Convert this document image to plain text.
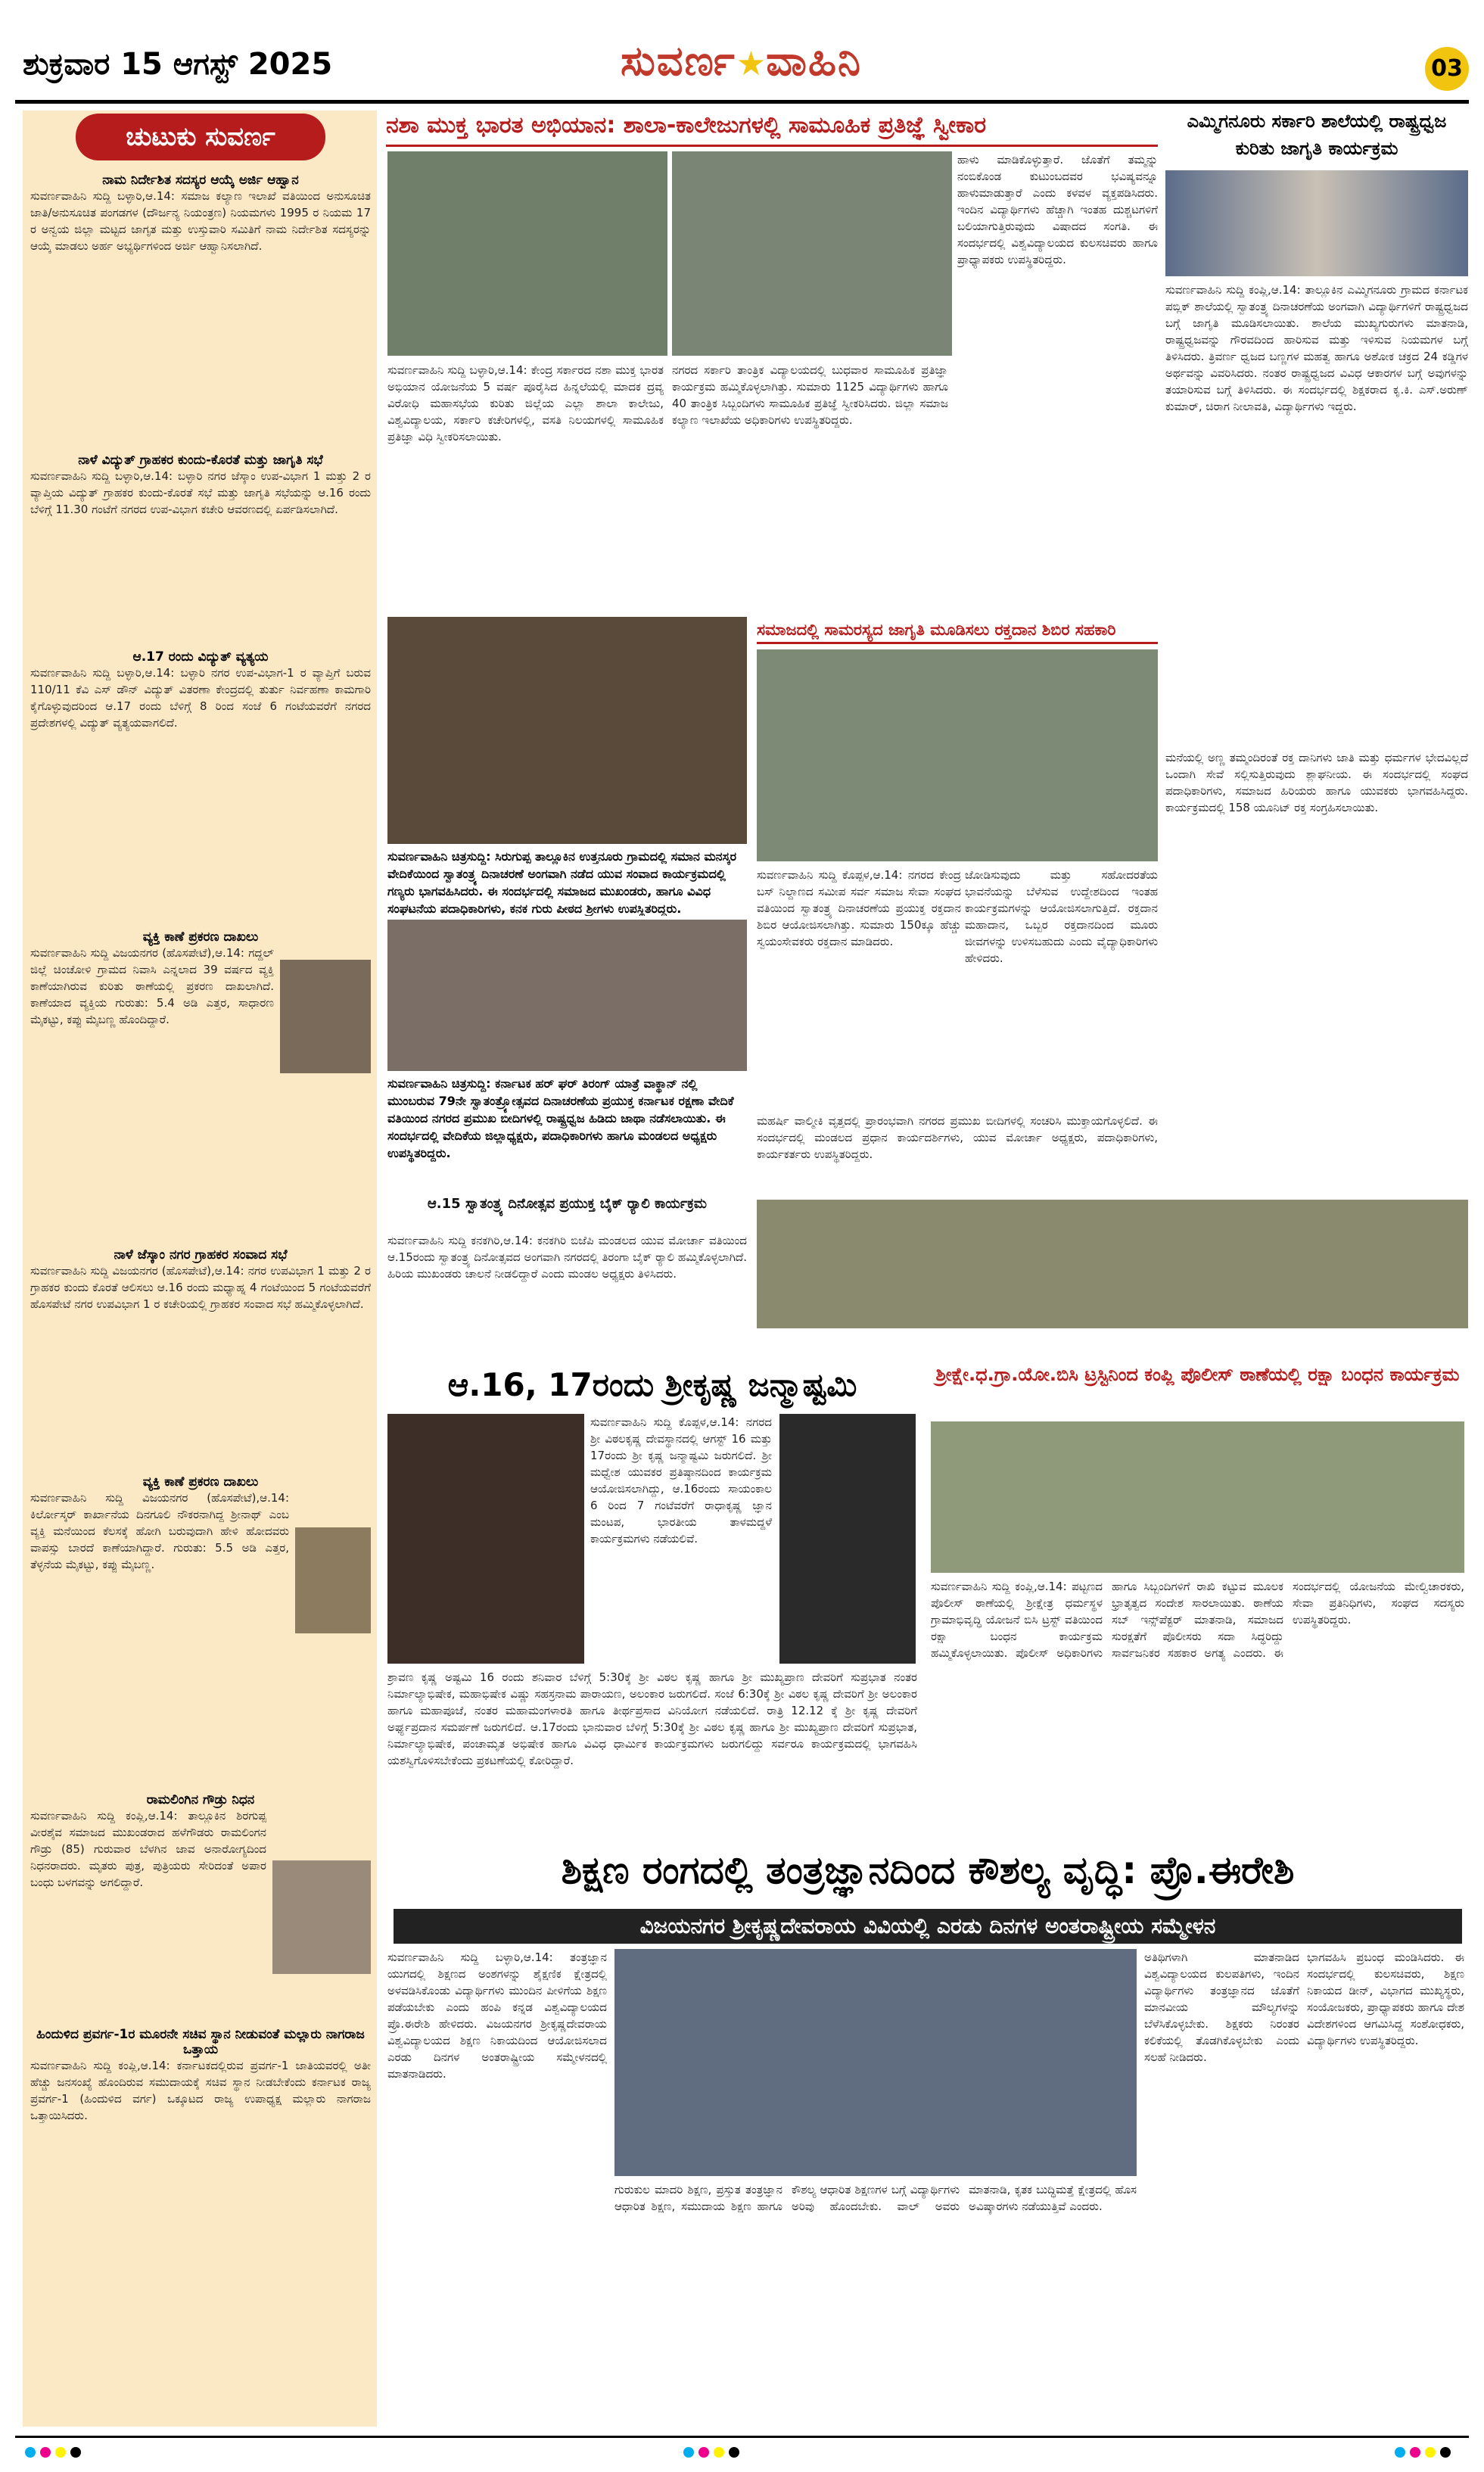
ಶುಕ್ರವಾರ 15 ಆಗಸ್ಟ್ 2025	ಸುವರ್ಣ★ವಾಹಿನಿ	03
ಚುಟುಕು ಸುವರ್ಣ
ನಾಮ ನಿರ್ದೇಶಿತ ಸದಸ್ಯರ ಆಯ್ಕೆ ಅರ್ಜಿ ಆಹ್ವಾನ
ಸುವರ್ಣವಾಹಿನಿ ಸುದ್ದಿ ಬಳ್ಳಾರಿ,ಆ.14: ಸಮಾಜ ಕಲ್ಯಾಣ ಇಲಾಖೆ ವತಿಯಿಂದ ಅನುಸೂಚಿತ ಜಾತಿ/ಅನುಸೂಚಿತ ಪಂಗಡಗಳ (ದೌರ್ಜನ್ಯ ನಿಯಂತ್ರಣ) ನಿಯಮಗಳು 1995 ರ ನಿಯಮ 17 ರ ಅನ್ವಯ ಜಿಲ್ಲಾ ಮಟ್ಟದ ಜಾಗೃತ ಮತ್ತು ಉಸ್ತುವಾರಿ ಸಮಿತಿಗೆ ನಾಮ ನಿರ್ದೇಶಿತ ಸದಸ್ಯರನ್ನು ಆಯ್ಕೆ ಮಾಡಲು ಅರ್ಹ ಅಭ್ಯರ್ಥಿಗಳಿಂದ ಅರ್ಜಿ ಆಹ್ವಾನಿಸಲಾಗಿದೆ.
ನಾಳೆ ವಿದ್ಯುತ್ ಗ್ರಾಹಕರ ಕುಂದು-ಕೊರತೆ ಮತ್ತು ಜಾಗೃತಿ ಸಭೆ
ಸುವರ್ಣವಾಹಿನಿ ಸುದ್ದಿ ಬಳ್ಳಾರಿ,ಆ.14: ಬಳ್ಳಾರಿ ನಗರ ಜೆಸ್ಕಾಂ ಉಪ-ವಿಭಾಗ 1 ಮತ್ತು 2 ರ ವ್ಯಾಪ್ತಿಯ ವಿದ್ಯುತ್ ಗ್ರಾಹಕರ ಕುಂದು-ಕೊರತೆ ಸಭೆ ಮತ್ತು ಜಾಗೃತಿ ಸಭೆಯನ್ನು ಆ.16 ರಂದು ಬೆಳಿಗ್ಗೆ 11.30 ಗಂಟೆಗೆ ನಗರದ ಉಪ-ವಿಭಾಗ ಕಚೇರಿ ಆವರಣದಲ್ಲಿ ಏರ್ಪಡಿಸಲಾಗಿದೆ.
ಆ.17 ರಂದು ವಿದ್ಯುತ್ ವ್ಯತ್ಯಯ
ಸುವರ್ಣವಾಹಿನಿ ಸುದ್ದಿ ಬಳ್ಳಾರಿ,ಆ.14: ಬಳ್ಳಾರಿ ನಗರ ಉಪ-ವಿಭಾಗ-1 ರ ವ್ಯಾಪ್ತಿಗೆ ಬರುವ 110/11 ಕೆವಿ ಎಸ್ ಡೌನ್ ವಿದ್ಯುತ್ ವಿತರಣಾ ಕೇಂದ್ರದಲ್ಲಿ ತುರ್ತು ನಿರ್ವಹಣಾ ಕಾಮಗಾರಿ ಕೈಗೊಳ್ಳುವುದರಿಂದ ಆ.17 ರಂದು ಬೆಳಿಗ್ಗೆ 8 ರಿಂದ ಸಂಜೆ 6 ಗಂಟೆಯವರೆಗೆ ನಗರದ ಪ್ರದೇಶಗಳಲ್ಲಿ ವಿದ್ಯುತ್ ವ್ಯತ್ಯಯವಾಗಲಿದೆ.
ವ್ಯಕ್ತಿ ಕಾಣೆ ಪ್ರಕರಣ ದಾಖಲು
ಸುವರ್ಣವಾಹಿನಿ ಸುದ್ದಿ ವಿಜಯನಗರ (ಹೊಸಪೇಟೆ),ಆ.14: ಗದ್ದಲ್ ಜಿಲ್ಲೆ ಚಿಂಚೋಳಿ ಗ್ರಾಮದ ನಿವಾಸಿ ಎನ್ನಲಾದ 39 ವರ್ಷದ ವ್ಯಕ್ತಿ ಕಾಣೆಯಾಗಿರುವ ಕುರಿತು ಠಾಣೆಯಲ್ಲಿ ಪ್ರಕರಣ ದಾಖಲಾಗಿದೆ. ಕಾಣೆಯಾದ ವ್ಯಕ್ತಿಯ ಗುರುತು: 5.4 ಅಡಿ ಎತ್ತರ, ಸಾಧಾರಣ ಮೈಕಟ್ಟು, ಕಪ್ಪು ಮೈಬಣ್ಣ ಹೊಂದಿದ್ದಾರೆ.
ನಾಳೆ ಜೆಸ್ಕಾಂ ನಗರ ಗ್ರಾಹಕರ ಸಂವಾದ ಸಭೆ
ಸುವರ್ಣವಾಹಿನಿ ಸುದ್ದಿ ವಿಜಯನಗರ (ಹೊಸಪೇಟೆ),ಆ.14: ನಗರ ಉಪವಿಭಾಗ 1 ಮತ್ತು 2 ರ ಗ್ರಾಹಕರ ಕುಂದು ಕೊರತೆ ಆಲಿಸಲು ಆ.16 ರಂದು ಮಧ್ಯಾಹ್ನ 4 ಗಂಟೆಯಿಂದ 5 ಗಂಟೆಯವರೆಗೆ ಹೊಸಪೇಟೆ ನಗರ ಉಪವಿಭಾಗ 1 ರ ಕಚೇರಿಯಲ್ಲಿ ಗ್ರಾಹಕರ ಸಂವಾದ ಸಭೆ ಹಮ್ಮಿಕೊಳ್ಳಲಾಗಿದೆ.
ವ್ಯಕ್ತಿ ಕಾಣೆ ಪ್ರಕರಣ ದಾಖಲು
ಸುವರ್ಣವಾಹಿನಿ ಸುದ್ದಿ ವಿಜಯನಗರ (ಹೊಸಪೇಟೆ),ಆ.14: ಕಿರ್ಲೋಸ್ಕರ್ ಕಾರ್ಖಾನೆಯ ದಿನಗೂಲಿ ನೌಕರನಾಗಿದ್ದ ಶ್ರೀನಾಥ್ ಎಂಬ ವ್ಯಕ್ತಿ ಮನೆಯಿಂದ ಕೆಲಸಕ್ಕೆ ಹೋಗಿ ಬರುವುದಾಗಿ ಹೇಳಿ ಹೋದವರು ವಾಪಸ್ಸು ಬಾರದೆ ಕಾಣೆಯಾಗಿದ್ದಾರೆ. ಗುರುತು: 5.5 ಅಡಿ ಎತ್ತರ, ತೆಳ್ಳನೆಯ ಮೈಕಟ್ಟು, ಕಪ್ಪು ಮೈಬಣ್ಣ.
ರಾಮಲಿಂಗಿನ ಗೌಡ್ರು ನಿಧನ
ಸುವರ್ಣವಾಹಿನಿ ಸುದ್ದಿ ಕಂಪ್ಲಿ,ಆ.14: ತಾಲ್ಲೂಕಿನ ಶಿರಗುಪ್ಪ ವೀರಶೈವ ಸಮಾಜದ ಮುಖಂಡರಾದ ಹಳೆಗೌಡರು ರಾಮಲಿಂಗನ ಗೌಡ್ರು (85) ಗುರುವಾರ ಬೆಳಗಿನ ಜಾವ ಅನಾರೋಗ್ಯದಿಂದ ನಿಧನರಾದರು. ಮೃತರು ಪುತ್ರ, ಪುತ್ರಿಯರು ಸೇರಿದಂತೆ ಅಪಾರ ಬಂಧು ಬಳಗವನ್ನು ಅಗಲಿದ್ದಾರೆ.
ಹಿಂದುಳಿದ ಪ್ರವರ್ಗ-1ರ ಮೂರನೇ ಸಚಿವ ಸ್ಥಾನ ನೀಡುವಂತೆ ಮಲ್ಲಾರು ನಾಗರಾಜ ಒತ್ತಾಯ
ಸುವರ್ಣವಾಹಿನಿ ಸುದ್ದಿ ಕಂಪ್ಲಿ,ಆ.14: ಕರ್ನಾಟಕದಲ್ಲಿರುವ ಪ್ರವರ್ಗ-1 ಜಾತಿಯವರಲ್ಲಿ ಅತೀ ಹೆಚ್ಚು ಜನಸಂಖ್ಯೆ ಹೊಂದಿರುವ ಸಮುದಾಯಕ್ಕೆ ಸಚಿವ ಸ್ಥಾನ ನೀಡಬೇಕೆಂದು ಕರ್ನಾಟಕ ರಾಜ್ಯ ಪ್ರವರ್ಗ-1 (ಹಿಂದುಳಿದ ವರ್ಗ) ಒಕ್ಕೂಟದ ರಾಜ್ಯ ಉಪಾಧ್ಯಕ್ಷ ಮಲ್ಲಾರು ನಾಗರಾಜ ಒತ್ತಾಯಿಸಿದರು.
ನಶಾ ಮುಕ್ತ ಭಾರತ ಅಭಿಯಾನ: ಶಾಲಾ-ಕಾಲೇಜುಗಳಲ್ಲಿ ಸಾಮೂಹಿಕ ಪ್ರತಿಜ್ಞೆ ಸ್ವೀಕಾರ
ಹಾಳು ಮಾಡಿಕೊಳ್ಳುತ್ತಾರೆ. ಜೊತೆಗೆ ತಮ್ಮನ್ನು ನಂಬಿಕೊಂಡ ಕುಟುಂಬದವರ ಭವಿಷ್ಯವನ್ನೂ ಹಾಳುಮಾಡುತ್ತಾರೆ ಎಂದು ಕಳವಳ ವ್ಯಕ್ತಪಡಿಸಿದರು. ಇಂದಿನ ವಿದ್ಯಾರ್ಥಿಗಳು ಹೆಚ್ಚಾಗಿ ಇಂತಹ ದುಶ್ಚಟಗಳಿಗೆ ಬಲಿಯಾಗುತ್ತಿರುವುದು ವಿಷಾದದ ಸಂಗತಿ. ಈ ಸಂದರ್ಭದಲ್ಲಿ ವಿಶ್ವವಿದ್ಯಾಲಯದ ಕುಲಸಚಿವರು ಹಾಗೂ ಪ್ರಾಧ್ಯಾಪಕರು ಉಪಸ್ಥಿತರಿದ್ದರು.
ಸುವರ್ಣವಾಹಿನಿ ಸುದ್ದಿ ಬಳ್ಳಾರಿ,ಆ.14: ಕೇಂದ್ರ ಸರ್ಕಾರದ ನಶಾ ಮುಕ್ತ ಭಾರತ ಅಭಿಯಾನ ಯೋಜನೆಯ 5 ವರ್ಷ ಪೂರೈಸಿದ ಹಿನ್ನಲೆಯಲ್ಲಿ ಮಾದಕ ದ್ರವ್ಯ ವಿರೋಧಿ ಮಹಾಸಭೆಯ ಕುರಿತು ಜಿಲ್ಲೆಯ ಎಲ್ಲಾ ಶಾಲಾ ಕಾಲೇಜು, ವಿಶ್ವವಿದ್ಯಾಲಯ, ಸರ್ಕಾರಿ ಕಚೇರಿಗಳಲ್ಲಿ, ವಸತಿ ನಿಲಯಗಳಲ್ಲಿ ಸಾಮೂಹಿಕ ಪ್ರತಿಜ್ಞಾ ವಿಧಿ ಸ್ವೀಕರಿಸಲಾಯಿತು.
ನಗರದ ಸರ್ಕಾರಿ ತಾಂತ್ರಿಕ ವಿದ್ಯಾಲಯದಲ್ಲಿ ಬುಧವಾರ ಸಾಮೂಹಿಕ ಪ್ರತಿಜ್ಞಾ ಕಾರ್ಯಕ್ರಮ ಹಮ್ಮಿಕೊಳ್ಳಲಾಗಿತ್ತು. ಸುಮಾರು 1125 ವಿದ್ಯಾರ್ಥಿಗಳು ಹಾಗೂ 40 ತಾಂತ್ರಿಕ ಸಿಬ್ಬಂದಿಗಳು ಸಾಮೂಹಿಕ ಪ್ರತಿಜ್ಞೆ ಸ್ವೀಕರಿಸಿದರು. ಜಿಲ್ಲಾ ಸಮಾಜ ಕಲ್ಯಾಣ ಇಲಾಖೆಯ ಅಧಿಕಾರಿಗಳು ಉಪಸ್ಥಿತರಿದ್ದರು.
ಎಮ್ಮಿಗನೂರು ಸರ್ಕಾರಿ ಶಾಲೆಯಲ್ಲಿ ರಾಷ್ಟ್ರಧ್ವಜ ಕುರಿತು ಜಾಗೃತಿ ಕಾರ್ಯಕ್ರಮ
ಸುವರ್ಣವಾಹಿನಿ ಸುದ್ದಿ ಕಂಪ್ಲಿ,ಆ.14: ತಾಲ್ಲೂಕಿನ ಎಮ್ಮಿಗನೂರು ಗ್ರಾಮದ ಕರ್ನಾಟಕ ಪಬ್ಲಿಕ್ ಶಾಲೆಯಲ್ಲಿ ಸ್ವಾತಂತ್ರ್ಯ ದಿನಾಚರಣೆಯ ಅಂಗವಾಗಿ ವಿದ್ಯಾರ್ಥಿಗಳಿಗೆ ರಾಷ್ಟ್ರಧ್ವಜದ ಬಗ್ಗೆ ಜಾಗೃತಿ ಮೂಡಿಸಲಾಯಿತು. ಶಾಲೆಯ ಮುಖ್ಯಗುರುಗಳು ಮಾತನಾಡಿ, ರಾಷ್ಟ್ರಧ್ವಜವನ್ನು ಗೌರವದಿಂದ ಹಾರಿಸುವ ಮತ್ತು ಇಳಿಸುವ ನಿಯಮಗಳ ಬಗ್ಗೆ ತಿಳಿಸಿದರು. ತ್ರಿವರ್ಣ ಧ್ವಜದ ಬಣ್ಣಗಳ ಮಹತ್ವ ಹಾಗೂ ಅಶೋಕ ಚಕ್ರದ 24 ಕಡ್ಡಿಗಳ ಅರ್ಥವನ್ನು ವಿವರಿಸಿದರು. ನಂತರ ರಾಷ್ಟ್ರಧ್ವಜದ ವಿವಿಧ ಆಕಾರಗಳ ಬಗ್ಗೆ ಅವುಗಳನ್ನು ತಯಾರಿಸುವ ಬಗ್ಗೆ ತಿಳಿಸಿದರು. ಈ ಸಂದರ್ಭದಲ್ಲಿ ಶಿಕ್ಷಕರಾದ ಕೃ.ಕಿ. ಎಸ್.ಅರುಣ್ ಕುಮಾರ್, ಚಿರಾಗ ನೀಲಾವತಿ, ವಿದ್ಯಾರ್ಥಿಗಳು ಇದ್ದರು.
ಸುವರ್ಣವಾಹಿನಿ ಚಿತ್ರಸುದ್ದಿ: ಸಿರುಗುಪ್ಪ ತಾಲ್ಲೂಕಿನ ಉತ್ತನೂರು ಗ್ರಾಮದಲ್ಲಿ ಸಮಾನ ಮನಸ್ಕರ ವೇದಿಕೆಯಿಂದ ಸ್ವಾತಂತ್ರ್ಯ ದಿನಾಚರಣೆ ಅಂಗವಾಗಿ ನಡೆದ ಯುವ ಸಂವಾದ ಕಾರ್ಯಕ್ರಮದಲ್ಲಿ ಗಣ್ಯರು ಭಾಗವಹಿಸಿದರು. ಈ ಸಂದರ್ಭದಲ್ಲಿ ಸಮಾಜದ ಮುಖಂಡರು, ಹಾಗೂ ವಿವಿಧ ಸಂಘಟನೆಯ ಪದಾಧಿಕಾರಿಗಳು, ಕನಕ ಗುರು ಪೀಠದ ಶ್ರೀಗಳು ಉಪಸ್ಥಿತರಿದ್ದರು.
ಸಮಾಜದಲ್ಲಿ ಸಾಮರಸ್ಯದ ಜಾಗೃತಿ ಮೂಡಿಸಲು ರಕ್ತದಾನ ಶಿಬಿರ ಸಹಕಾರಿ
ಸುವರ್ಣವಾಹಿನಿ ಸುದ್ದಿ ಕೊಪ್ಪಳ,ಆ.14: ನಗರದ ಕೇಂದ್ರ ಬಸ್ ನಿಲ್ದಾಣದ ಸಮೀಪ ಸರ್ವ ಸಮಾಜ ಸೇವಾ ಸಂಘದ ವತಿಯಿಂದ ಸ್ವಾತಂತ್ರ್ಯ ದಿನಾಚರಣೆಯ ಪ್ರಯುಕ್ತ ರಕ್ತದಾನ ಶಿಬಿರ ಆಯೋಜಿಸಲಾಗಿತ್ತು. ಸುಮಾರು 150ಕ್ಕೂ ಹೆಚ್ಚು ಸ್ವಯಂಸೇವಕರು ರಕ್ತದಾನ ಮಾಡಿದರು.
ಜೋಡಿಸುವುದು ಮತ್ತು ಸಹೋದರತೆಯ ಭಾವನೆಯನ್ನು ಬೆಳೆಸುವ ಉದ್ದೇಶದಿಂದ ಇಂತಹ ಕಾರ್ಯಕ್ರಮಗಳನ್ನು ಆಯೋಜಿಸಲಾಗುತ್ತಿದೆ. ರಕ್ತದಾನ ಮಹಾದಾನ, ಒಬ್ಬರ ರಕ್ತದಾನದಿಂದ ಮೂರು ಜೀವಗಳನ್ನು ಉಳಿಸಬಹುದು ಎಂದು ವೈದ್ಯಾಧಿಕಾರಿಗಳು ಹೇಳಿದರು.
ಮನೆಯಲ್ಲಿ ಅಣ್ಣ ತಮ್ಮಂದಿರಂತೆ ರಕ್ತ ದಾನಿಗಳು ಜಾತಿ ಮತ್ತು ಧರ್ಮಗಳ ಭೇದವಿಲ್ಲದೆ ಒಂದಾಗಿ ಸೇವೆ ಸಲ್ಲಿಸುತ್ತಿರುವುದು ಶ್ಲಾಘನೀಯ. ಈ ಸಂದರ್ಭದಲ್ಲಿ ಸಂಘದ ಪದಾಧಿಕಾರಿಗಳು, ಸಮಾಜದ ಹಿರಿಯರು ಹಾಗೂ ಯುವಕರು ಭಾಗವಹಿಸಿದ್ದರು. ಕಾರ್ಯಕ್ರಮದಲ್ಲಿ 158 ಯೂನಿಟ್ ರಕ್ತ ಸಂಗ್ರಹಿಸಲಾಯಿತು.
ಸುವರ್ಣವಾಹಿನಿ ಚಿತ್ರಸುದ್ದಿ: ಕರ್ನಾಟಕ ಹರ್ ಘರ್ ತಿರಂಗ್ ಯಾತ್ರೆ ವಾಕ್ಥಾನ್ ನಲ್ಲಿ ಮುಂಬರುವ 79ನೇ ಸ್ವಾತಂತ್ರ್ಯೋತ್ಸವದ ದಿನಾಚರಣೆಯ ಪ್ರಯುಕ್ತ ಕರ್ನಾಟಕ ರಕ್ಷಣಾ ವೇದಿಕೆ ವತಿಯಿಂದ ನಗರದ ಪ್ರಮುಖ ಬೀದಿಗಳಲ್ಲಿ ರಾಷ್ಟ್ರಧ್ವಜ ಹಿಡಿದು ಜಾಥಾ ನಡೆಸಲಾಯಿತು. ಈ ಸಂದರ್ಭದಲ್ಲಿ ವೇದಿಕೆಯ ಜಿಲ್ಲಾಧ್ಯಕ್ಷರು, ಪದಾಧಿಕಾರಿಗಳು ಹಾಗೂ ಮಂಡಲದ ಅಧ್ಯಕ್ಷರು ಉಪಸ್ಥಿತರಿದ್ದರು.
ಆ.15 ಸ್ವಾತಂತ್ರ್ಯ ದಿನೋತ್ಸವ ಪ್ರಯುಕ್ತ ಬೈಕ್ ರ‍್ಯಾಲಿ ಕಾರ್ಯಕ್ರಮ
ಸುವರ್ಣವಾಹಿನಿ ಸುದ್ದಿ ಕನಕಗಿರಿ,ಆ.14: ಕನಕಗಿರಿ ಬಿಜೆಪಿ ಮಂಡಲದ ಯುವ ಮೋರ್ಚಾ ವತಿಯಿಂದ ಆ.15ರಂದು ಸ್ವಾತಂತ್ರ್ಯ ದಿನೋತ್ಸವದ ಅಂಗವಾಗಿ ನಗರದಲ್ಲಿ ತಿರಂಗಾ ಬೈಕ್ ರ‍್ಯಾಲಿ ಹಮ್ಮಿಕೊಳ್ಳಲಾಗಿದೆ. ಹಿರಿಯ ಮುಖಂಡರು ಚಾಲನೆ ನೀಡಲಿದ್ದಾರೆ ಎಂದು ಮಂಡಲ ಅಧ್ಯಕ್ಷರು ತಿಳಿಸಿದರು.
ಮಹರ್ಷಿ ವಾಲ್ಮೀಕಿ ವೃತ್ತದಲ್ಲಿ ಪ್ರಾರಂಭವಾಗಿ ನಗರದ ಪ್ರಮುಖ ಬೀದಿಗಳಲ್ಲಿ ಸಂಚರಿಸಿ ಮುಕ್ತಾಯಗೊಳ್ಳಲಿದೆ. ಈ ಸಂದರ್ಭದಲ್ಲಿ ಮಂಡಲದ ಪ್ರಧಾನ ಕಾರ್ಯದರ್ಶಿಗಳು, ಯುವ ಮೋರ್ಚಾ ಅಧ್ಯಕ್ಷರು, ಪದಾಧಿಕಾರಿಗಳು, ಕಾರ್ಯಕರ್ತರು ಉಪಸ್ಥಿತರಿದ್ದರು.
ಆ.16, 17ರಂದು ಶ್ರೀಕೃಷ್ಣ ಜನ್ಮಾಷ್ಟಮಿ
ಸುವರ್ಣವಾಹಿನಿ ಸುದ್ದಿ ಕೊಪ್ಪಳ,ಆ.14: ನಗರದ ಶ್ರೀ ವಿಠಲಕೃಷ್ಣ ದೇವಸ್ಥಾನದಲ್ಲಿ ಆಗಸ್ಟ್ 16 ಮತ್ತು 17ರಂದು ಶ್ರೀ ಕೃಷ್ಣ ಜನ್ಮಾಷ್ಟಮಿ ಜರುಗಲಿದೆ. ಶ್ರೀ ಮಧ್ವೇಶ ಯುವಕರ ಪ್ರತಿಷ್ಠಾನದಿಂದ ಕಾರ್ಯಕ್ರಮ ಆಯೋಜಿಸಲಾಗಿದ್ದು, ಆ.16ರಂದು ಸಾಯಂಕಾಲ 6 ರಿಂದ 7 ಗಂಟೆವರೆಗೆ ರಾಧಾಕೃಷ್ಣ ಜ್ಞಾನ ಮಂಟಪ, ಭಾರತೀಯ ತಾಳಮದ್ದಳೆ ಕಾರ್ಯಕ್ರಮಗಳು ನಡೆಯಲಿವೆ.
ಶ್ರಾವಣ ಕೃಷ್ಣ ಅಷ್ಟಮಿ 16 ರಂದು ಶನಿವಾರ ಬೆಳಿಗ್ಗೆ 5:30ಕ್ಕೆ ಶ್ರೀ ವಿಠಲ ಕೃಷ್ಣ ಹಾಗೂ ಶ್ರೀ ಮುಖ್ಯಪ್ರಾಣ ದೇವರಿಗೆ ಸುಪ್ರಭಾತ ನಂತರ ನಿರ್ಮಾಲ್ಯಾಭಿಷೇಕ, ಮಹಾಭಿಷೇಕ ವಿಷ್ಣು ಸಹಸ್ರನಾಮ ಪಾರಾಯಣ, ಅಲಂಕಾರ ಜರುಗಲಿದೆ. ಸಂಜೆ 6:30ಕ್ಕೆ ಶ್ರೀ ವಿಠಲ ಕೃಷ್ಣ ದೇವರಿಗೆ ಶ್ರೀ ಅಲಂಕಾರ ಹಾಗೂ ಮಹಾಪೂಜೆ, ನಂತರ ಮಹಾಮಂಗಳಾರತಿ ಹಾಗೂ ತೀರ್ಥಪ್ರಸಾದ ವಿನಿಯೋಗ ನಡೆಯಲಿದೆ. ರಾತ್ರಿ 12.12 ಕ್ಕೆ ಶ್ರೀ ಕೃಷ್ಣ ದೇವರಿಗೆ ಅರ್ಘ್ಯಪ್ರದಾನ ಸಮರ್ಪಣೆ ಜರುಗಲಿದೆ. ಆ.17ರಂದು ಭಾನುವಾರ ಬೆಳಿಗ್ಗೆ 5:30ಕ್ಕೆ ಶ್ರೀ ವಿಠಲ ಕೃಷ್ಣ ಹಾಗೂ ಶ್ರೀ ಮುಖ್ಯಪ್ರಾಣ ದೇವರಿಗೆ ಸುಪ್ರಭಾತ, ನಿರ್ಮಾಲ್ಯಾಭಿಷೇಕ, ಪಂಚಾಮೃತ ಅಭಿಷೇಕ ಹಾಗೂ ವಿವಿಧ ಧಾರ್ಮಿಕ ಕಾರ್ಯಕ್ರಮಗಳು ಜರುಗಲಿದ್ದು ಸರ್ವರೂ ಕಾರ್ಯಕ್ರಮದಲ್ಲಿ ಭಾಗವಹಿಸಿ ಯಶಸ್ವಿಗೊಳಿಸಬೇಕೆಂದು ಪ್ರಕಟಣೆಯಲ್ಲಿ ಕೋರಿದ್ದಾರೆ.
ಶ್ರೀಕ್ಷೇ.ಧ.ಗ್ರಾ.ಯೋ.ಬಿಸಿ ಟ್ರಸ್ಟಿನಿಂದ ಕಂಪ್ಲಿ ಪೊಲೀಸ್ ಠಾಣೆಯಲ್ಲಿ ರಕ್ಷಾ ಬಂಧನ ಕಾರ್ಯಕ್ರಮ
ಸುವರ್ಣವಾಹಿನಿ ಸುದ್ದಿ ಕಂಪ್ಲಿ,ಆ.14: ಪಟ್ಟಣದ ಪೊಲೀಸ್ ಠಾಣೆಯಲ್ಲಿ ಶ್ರೀಕ್ಷೇತ್ರ ಧರ್ಮಸ್ಥಳ ಗ್ರಾಮಾಭಿವೃದ್ಧಿ ಯೋಜನೆ ಬಿಸಿ ಟ್ರಸ್ಟ್ ವತಿಯಿಂದ ರಕ್ಷಾ ಬಂಧನ ಕಾರ್ಯಕ್ರಮ ಹಮ್ಮಿಕೊಳ್ಳಲಾಯಿತು. ಪೊಲೀಸ್ ಅಧಿಕಾರಿಗಳು ಹಾಗೂ ಸಿಬ್ಬಂದಿಗಳಿಗೆ ರಾಖಿ ಕಟ್ಟುವ ಮೂಲಕ ಭ್ರಾತೃತ್ವದ ಸಂದೇಶ ಸಾರಲಾಯಿತು. ಠಾಣೆಯ ಸಬ್ ಇನ್ಸ್‌ಪೆಕ್ಟರ್ ಮಾತನಾಡಿ, ಸಮಾಜದ ಸುರಕ್ಷತೆಗೆ ಪೊಲೀಸರು ಸದಾ ಸಿದ್ಧರಿದ್ದು ಸಾರ್ವಜನಿಕರ ಸಹಕಾರ ಅಗತ್ಯ ಎಂದರು. ಈ ಸಂದರ್ಭದಲ್ಲಿ ಯೋಜನೆಯ ಮೇಲ್ವಿಚಾರಕರು, ಸೇವಾ ಪ್ರತಿನಿಧಿಗಳು, ಸಂಘದ ಸದಸ್ಯರು ಉಪಸ್ಥಿತರಿದ್ದರು.
ಶಿಕ್ಷಣ ರಂಗದಲ್ಲಿ ತಂತ್ರಜ್ಞಾನದಿಂದ ಕೌಶಲ್ಯ ವೃದ್ಧಿ: ಪ್ರೊ.ಈರೇಶಿ
ವಿಜಯನಗರ ಶ್ರೀಕೃಷ್ಣದೇವರಾಯ ವಿವಿಯಲ್ಲಿ ಎರಡು ದಿನಗಳ ಅಂತರಾಷ್ಟ್ರೀಯ ಸಮ್ಮೇಳನ
ಸುವರ್ಣವಾಹಿನಿ ಸುದ್ದಿ ಬಳ್ಳಾರಿ,ಆ.14: ತಂತ್ರಜ್ಞಾನ ಯುಗದಲ್ಲಿ ಶಿಕ್ಷಣದ ಅಂಶಗಳನ್ನು ಶೈಕ್ಷಣಿಕ ಕ್ಷೇತ್ರದಲ್ಲಿ ಅಳವಡಿಸಿಕೊಂಡು ವಿದ್ಯಾರ್ಥಿಗಳು ಮುಂದಿನ ಪೀಳಿಗೆಯ ಶಿಕ್ಷಣ ಪಡೆಯಬೇಕು ಎಂದು ಹಂಪಿ ಕನ್ನಡ ವಿಶ್ವವಿದ್ಯಾಲಯದ ಪ್ರೊ.ಈರೇಶಿ ಹೇಳಿದರು. ವಿಜಯನಗರ ಶ್ರೀಕೃಷ್ಣದೇವರಾಯ ವಿಶ್ವವಿದ್ಯಾಲಯದ ಶಿಕ್ಷಣ ನಿಕಾಯದಿಂದ ಆಯೋಜಿಸಲಾದ ಎರಡು ದಿನಗಳ ಅಂತರಾಷ್ಟ್ರೀಯ ಸಮ್ಮೇಳನದಲ್ಲಿ ಮಾತನಾಡಿದರು.
ಗುರುಕುಲ ಮಾದರಿ ಶಿಕ್ಷಣ, ಪ್ರಸ್ತುತ ತಂತ್ರಜ್ಞಾನ ಆಧಾರಿತ ಶಿಕ್ಷಣ, ಸಮುದಾಯ ಶಿಕ್ಷಣ ಹಾಗೂ ಕೌಶಲ್ಯ ಆಧಾರಿತ ಶಿಕ್ಷಣಗಳ ಬಗ್ಗೆ ವಿದ್ಯಾರ್ಥಿಗಳು ಅರಿವು ಹೊಂದಬೇಕು. ವಾಲ್ ಅವರು ಮಾತನಾಡಿ, ಕೃತಕ ಬುದ್ಧಿಮತ್ತೆ ಕ್ಷೇತ್ರದಲ್ಲಿ ಹೊಸ ಅವಿಷ್ಕಾರಗಳು ನಡೆಯುತ್ತಿವೆ ಎಂದರು.
ಅತಿಥಿಗಳಾಗಿ ಮಾತನಾಡಿದ ವಿಶ್ವವಿದ್ಯಾಲಯದ ಕುಲಪತಿಗಳು, ಇಂದಿನ ವಿದ್ಯಾರ್ಥಿಗಳು ತಂತ್ರಜ್ಞಾನದ ಜೊತೆಗೆ ಮಾನವೀಯ ಮೌಲ್ಯಗಳನ್ನು ಬೆಳೆಸಿಕೊಳ್ಳಬೇಕು. ಶಿಕ್ಷಕರು ನಿರಂತರ ಕಲಿಕೆಯಲ್ಲಿ ತೊಡಗಿಕೊಳ್ಳಬೇಕು ಎಂದು ಸಲಹೆ ನೀಡಿದರು.
ಭಾಗವಹಿಸಿ ಪ್ರಬಂಧ ಮಂಡಿಸಿದರು. ಈ ಸಂದರ್ಭದಲ್ಲಿ ಕುಲಸಚಿವರು, ಶಿಕ್ಷಣ ನಿಕಾಯದ ಡೀನ್, ವಿಭಾಗದ ಮುಖ್ಯಸ್ಥರು, ಸಂಯೋಜಕರು, ಪ್ರಾಧ್ಯಾಪಕರು ಹಾಗೂ ದೇಶ ವಿದೇಶಗಳಿಂದ ಆಗಮಿಸಿದ್ದ ಸಂಶೋಧಕರು, ವಿದ್ಯಾರ್ಥಿಗಳು ಉಪಸ್ಥಿತರಿದ್ದರು.
